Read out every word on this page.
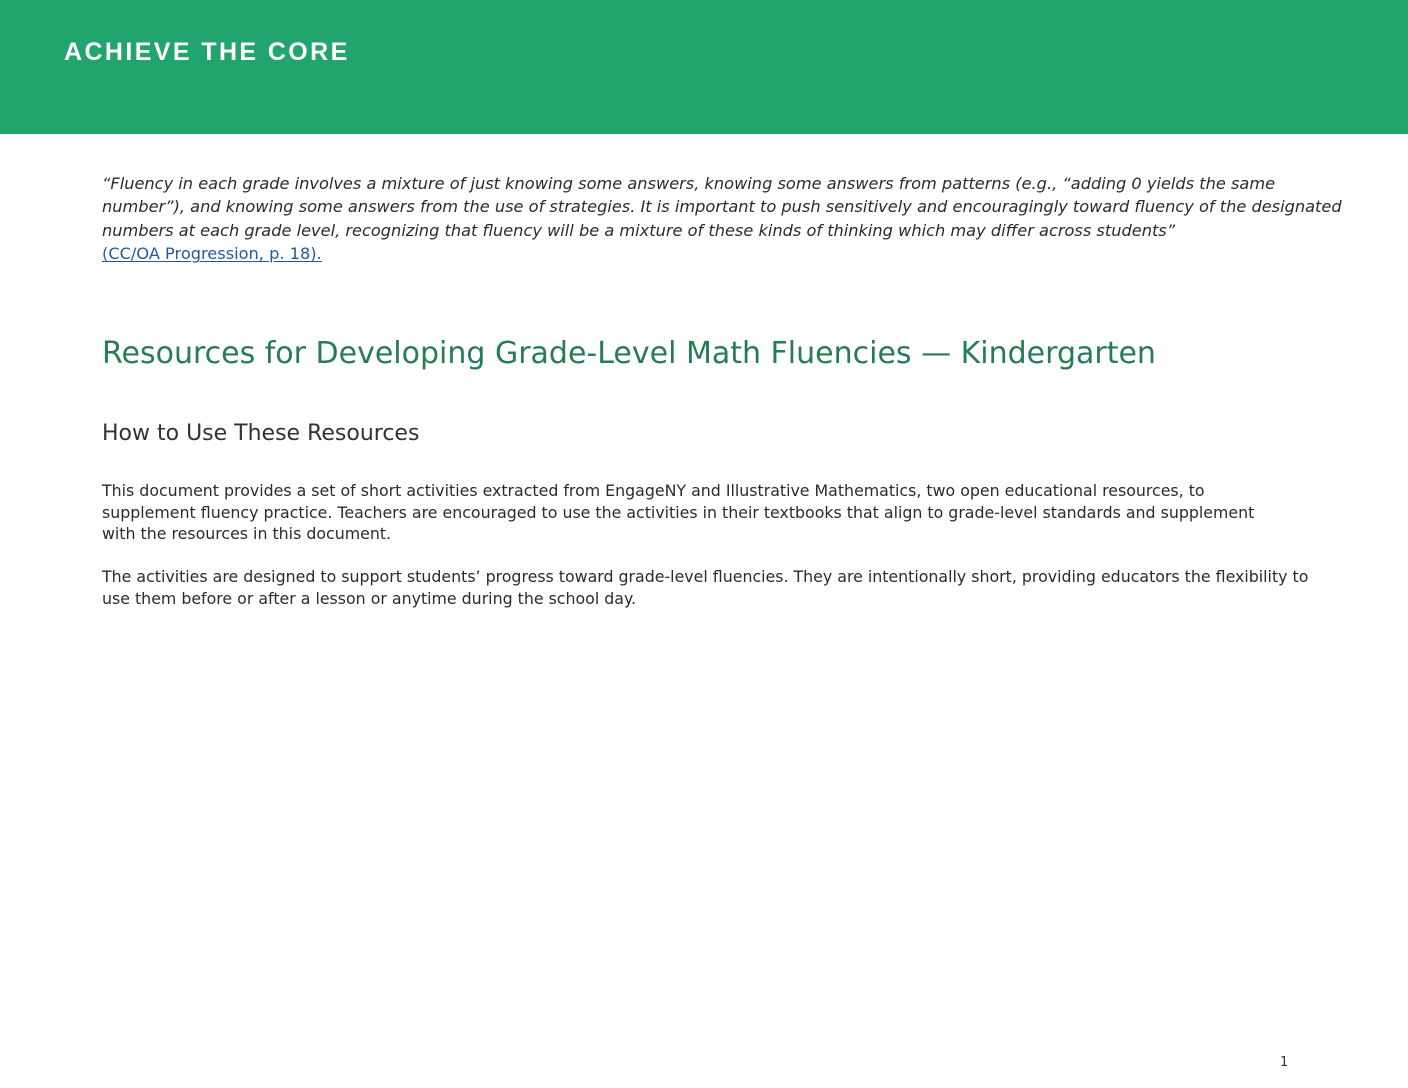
ACHIEVE THE CORE

“Fluency in each grade involves a mixture of just knowing some answers, knowing some answers from patterns (e.g., “adding 0 yields the same number”), and knowing some answers from the use of strategies. It is important to push sensitively and encouragingly toward fluency of the designated numbers at each grade level, recognizing that fluency will be a mixture of these kinds of thinking which may differ across students”
(CC/OA Progression, p. 18).

Resources for Developing Grade-Level Math Fluencies — Kindergarten
How to Use These Resources

This document provides a set of short activities extracted from EngageNY and Illustrative Mathematics, two open educational resources, to supplement fluency practice. Teachers are encouraged to use the activities in their textbooks that align to grade-level standards and supplement with the resources in this document.

The activities are designed to support students’ progress toward grade-level fluencies. They are intentionally short, providing educators the flexibility to use them before or after a lesson or anytime during the school day.

1
